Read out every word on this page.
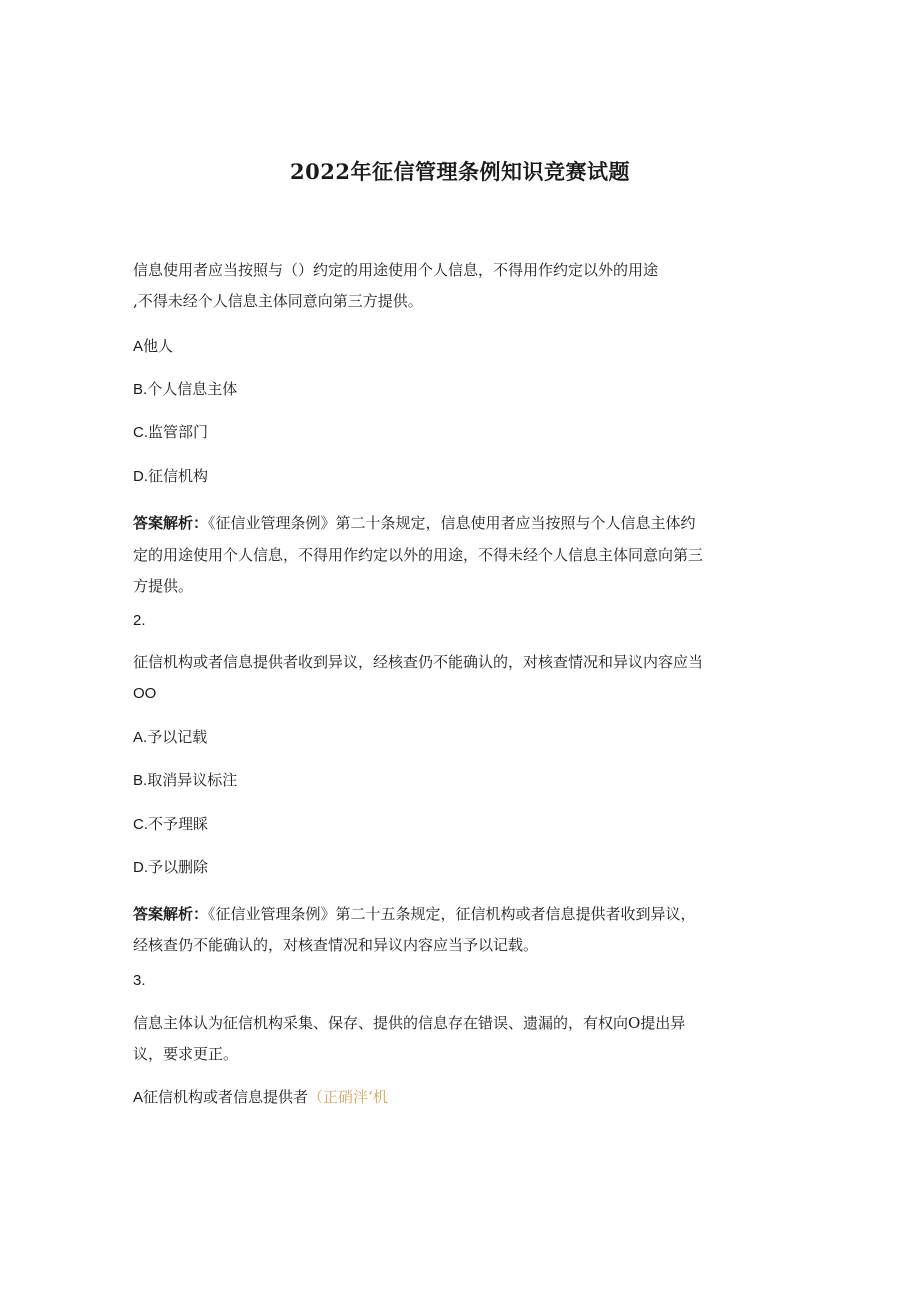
2022年征信管理条例知识竞赛试题
信息使用者应当按照与（）约定的用途使用个人信息，不得用作约定以外的用途
,不得未经个人信息主体同意向第三方提供。
A他人
B.个人信息主体
C.监管部门
D.征信机构
答案解析：《征信业管理条例》第二十条规定，信息使用者应当按照与个人信息主体约
定的用途使用个人信息，不得用作约定以外的用途，不得未经个人信息主体同意向第三
方提供。
2.
征信机构或者信息提供者收到异议，经核查仍不能确认的，对核查情况和异议内容应当
OO
A.予以记载
B.取消异议标注
C.不予理睬
D.予以删除
答案解析：《征信业管理条例》第二十五条规定，征信机构或者信息提供者收到异议，
经核查仍不能确认的，对核查情况和异议内容应当予以记载。
3.
信息主体认为征信机构采集、保存、提供的信息存在错误、遗漏的，有权向O提出异
议，要求更正。
A征信机构或者信息提供者（正硝泮‘机
